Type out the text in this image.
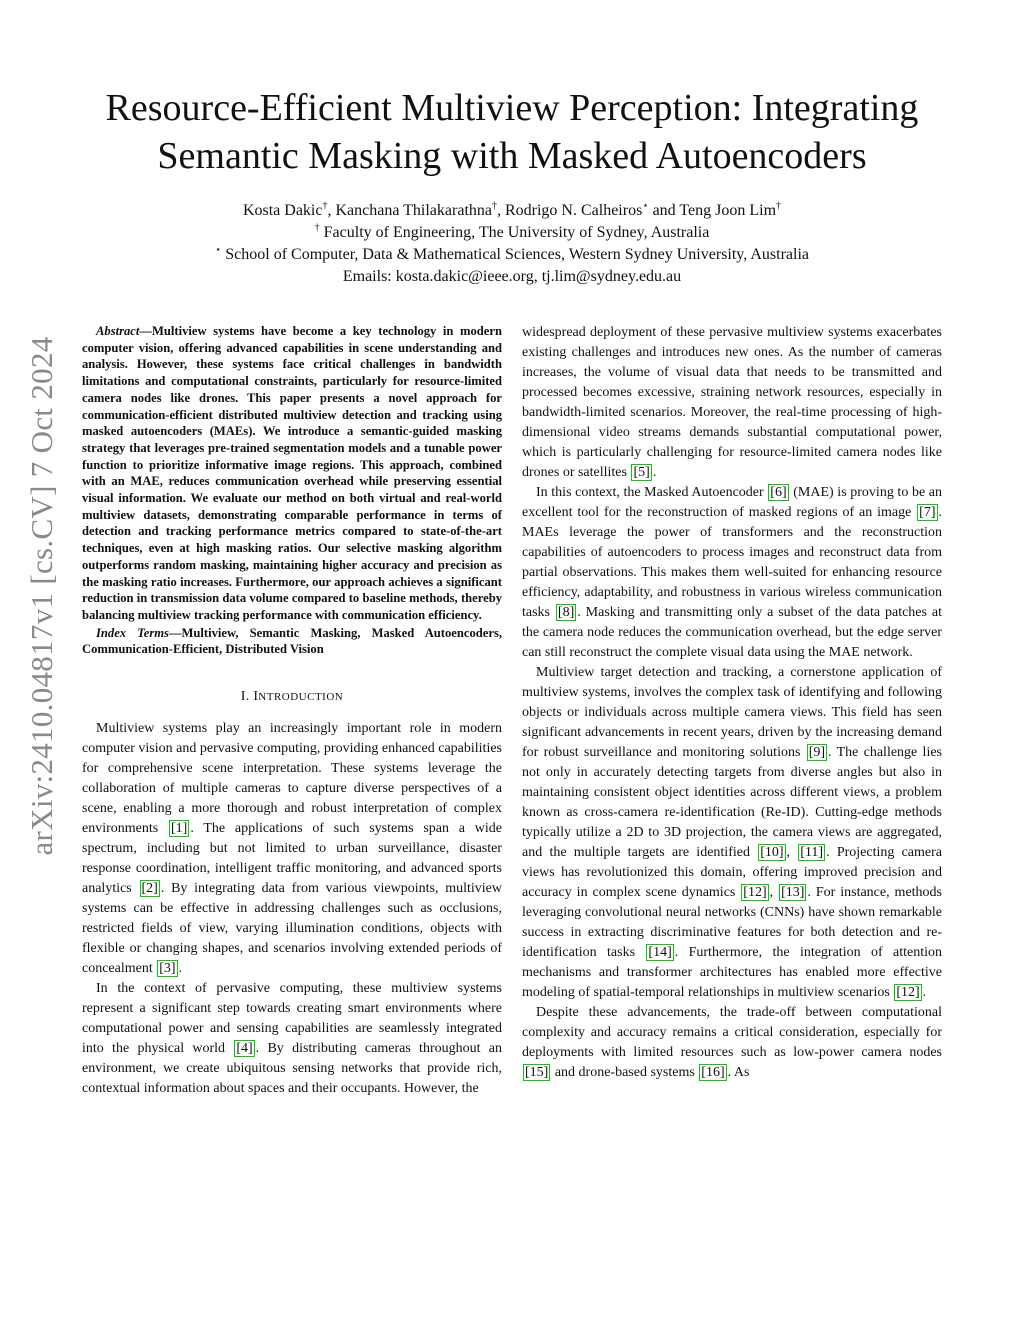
arXiv:2410.04817v1 [cs.CV] 7 Oct 2024
Resource-Efficient Multiview Perception: Integrating
Semantic Masking with Masked Autoencoders
Kosta Dakic†, Kanchana Thilakarathna†, Rodrigo N. Calheiros⋆ and Teng Joon Lim†
† Faculty of Engineering, The University of Sydney, Australia
⋆ School of Computer, Data & Mathematical Sciences, Western Sydney University, Australia
Emails: kosta.dakic@ieee.org, tj.lim@sydney.edu.au

Abstract—Multiview systems have become a key technology in modern computer vision, offering advanced capabilities in scene understanding and analysis. However, these systems face critical challenges in bandwidth limitations and computational constraints, particularly for resource-limited camera nodes like drones. This paper presents a novel approach for communication-efficient distributed multiview detection and tracking using masked autoencoders (MAEs). We introduce a semantic-guided masking strategy that leverages pre-trained segmentation models and a tunable power function to prioritize informative image regions. This approach, combined with an MAE, reduces communication overhead while preserving essential visual information. We evaluate our method on both virtual and real-world multiview datasets, demonstrating comparable performance in terms of detection and tracking performance metrics compared to state-of-the-art techniques, even at high masking ratios. Our selective masking algorithm outperforms random masking, maintaining higher accuracy and precision as the masking ratio increases. Furthermore, our approach achieves a significant reduction in transmission data volume compared to baseline methods, thereby balancing multiview tracking performance with communication efficiency.

Index Terms—Multiview, Semantic Masking, Masked Autoencoders, Communication-Efficient, Distributed Vision

I. INTRODUCTION

Multiview systems play an increasingly important role in modern computer vision and pervasive computing, providing enhanced capabilities for comprehensive scene interpretation. These systems leverage the collaboration of multiple cameras to capture diverse perspectives of a scene, enabling a more thorough and robust interpretation of complex environments [1] . The applications of such systems span a wide spectrum, including but not limited to urban surveillance, disaster response coordination, intelligent traffic monitoring, and advanced sports analytics [2] . By integrating data from various viewpoints, multiview systems can be effective in addressing challenges such as occlusions, restricted fields of view, varying illumination conditions, objects with flexible or changing shapes, and scenarios involving extended periods of concealment [3] .

In the context of pervasive computing, these multiview systems represent a significant step towards creating smart environments where computational power and sensing capabilities are seamlessly integrated into the physical world [4] . By distributing cameras throughout an environment, we create ubiquitous sensing networks that provide rich, contextual information about spaces and their occupants. However, the

widespread deployment of these pervasive multiview systems exacerbates existing challenges and introduces new ones. As the number of cameras increases, the volume of visual data that needs to be transmitted and processed becomes excessive, straining network resources, especially in bandwidth-limited scenarios. Moreover, the real-time processing of high-dimensional video streams demands substantial computational power, which is particularly challenging for resource-limited camera nodes like drones or satellites [5] .

In this context, the Masked Autoencoder [6] (MAE) is proving to be an excellent tool for the reconstruction of masked regions of an image [7] . MAEs leverage the power of transformers and the reconstruction capabilities of autoencoders to process images and reconstruct data from partial observations. This makes them well-suited for enhancing resource efficiency, adaptability, and robustness in various wireless communication tasks [8] . Masking and transmitting only a subset of the data patches at the camera node reduces the communication overhead, but the edge server can still reconstruct the complete visual data using the MAE network.

Multiview target detection and tracking, a cornerstone application of multiview systems, involves the complex task of identifying and following objects or individuals across multiple camera views. This field has seen significant advancements in recent years, driven by the increasing demand for robust surveillance and monitoring solutions [9] . The challenge lies not only in accurately detecting targets from diverse angles but also in maintaining consistent object identities across different views, a problem known as cross-camera re-identification (Re-ID). Cutting-edge methods typically utilize a 2D to 3D projection, the camera views are aggregated, and the multiple targets are identified [10] , [11] . Projecting camera views has revolutionized this domain, offering improved precision and accuracy in complex scene dynamics [12] , [13] . For instance, methods leveraging convolutional neural networks (CNNs) have shown remarkable success in extracting discriminative features for both detection and re-identification tasks [14] . Furthermore, the integration of attention mechanisms and transformer architectures has enabled more effective modeling of spatial-temporal relationships in multiview scenarios [12] .

Despite these advancements, the trade-off between computational complexity and accuracy remains a critical consideration, especially for deployments with limited resources such as low-power camera nodes [15] and drone-based systems [16] . As
